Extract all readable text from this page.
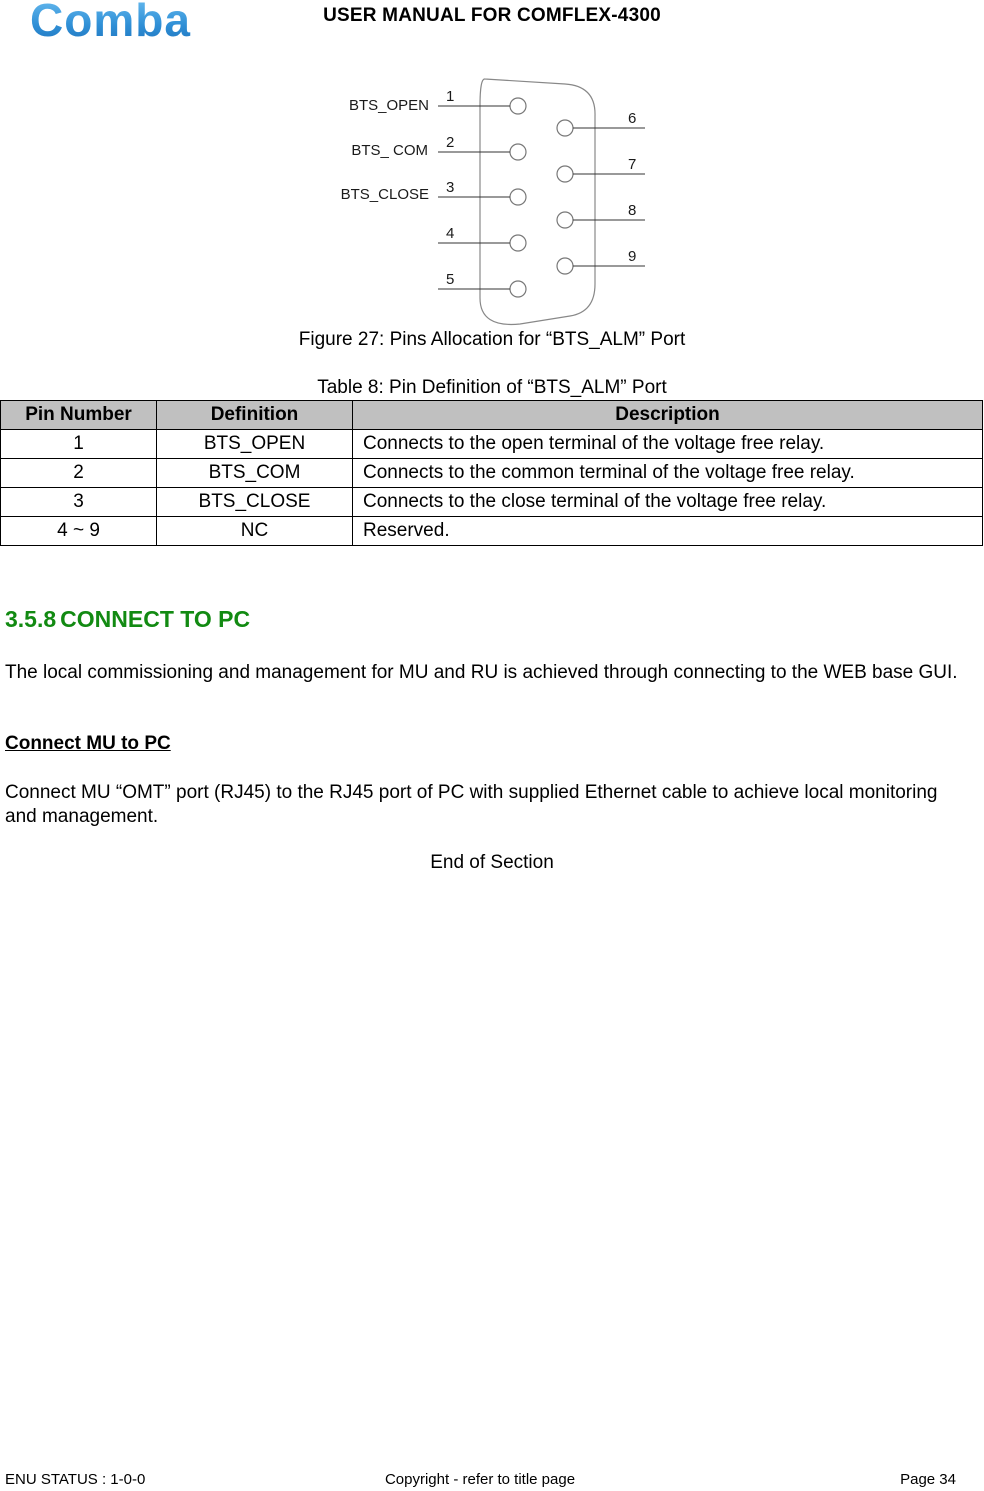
Comba	USER MANUAL FOR COMFLEX-4300
1
2
3
4
5
6
7
8
9
BTS_OPEN
BTS_ COM
BTS_CLOSE
Figure 27: Pins Allocation for “BTS_ALM” Port
Table 8: Pin Definition of “BTS_ALM” Port
Pin Number	Definition	Description
1	BTS_OPEN	Connects to the open terminal of the voltage free relay.
2	BTS_COM	Connects to the common terminal of the voltage free relay.
3	BTS_CLOSE	Connects to the close terminal of the voltage free relay.
4 ~ 9	NC	Reserved.
3.5.8 CONNECT TO PC
The local commissioning and management for MU and RU is achieved through connecting to the WEB base GUI.
Connect MU to PC
Connect MU “OMT” port (RJ45) to the RJ45 port of PC with supplied Ethernet cable to achieve local monitoring and management.
End of Section
ENU STATUS : 1-0-0	Copyright - refer to title page	Page 34
